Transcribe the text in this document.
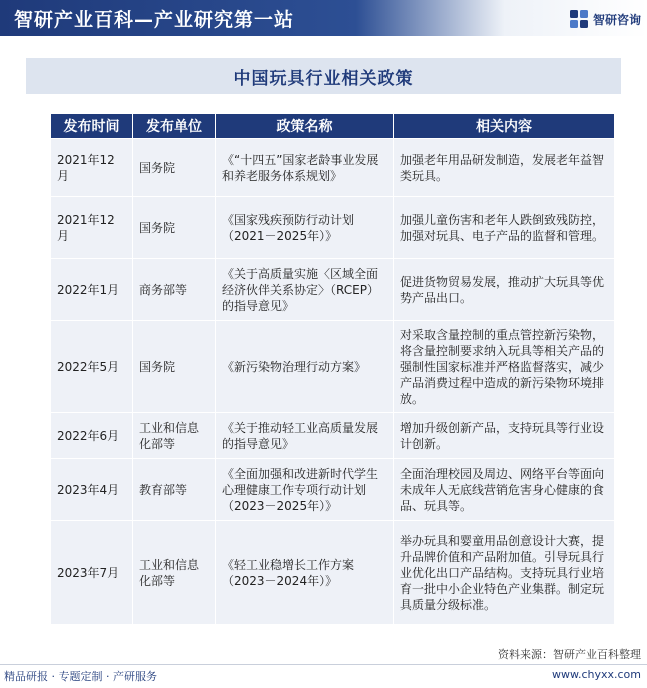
智研产业百科—产业研究第一站	智研咨询
中国玩具行业相关政策
发布时间	发布单位	政策名称	相关内容
2021年12月	国务院	《“十四五”国家老龄事业发展和养老服务体系规划》	加强老年用品研发制造，发展老年益智类玩具。
2021年12月	国务院	《国家残疾预防行动计划（2021－2025年）》	加强儿童伤害和老年人跌倒致残防控，加强对玩具、电子产品的监督和管理。
2022年1月	商务部等	《关于高质量实施〈区域全面经济伙伴关系协定〉（RCEP）的指导意见》	促进货物贸易发展，推动扩大玩具等优势产品出口。
2022年5月	国务院	《新污染物治理行动方案》	对采取含量控制的重点管控新污染物，将含量控制要求纳入玩具等相关产品的强制性国家标准并严格监督落实，减少产品消费过程中造成的新污染物环境排放。
2022年6月	工业和信息化部等	《关于推动轻工业高质量发展的指导意见》	增加升级创新产品，支持玩具等行业设计创新。
2023年4月	教育部等	《全面加强和改进新时代学生心理健康工作专项行动计划（2023－2025年）》	全面治理校园及周边、网络平台等面向未成年人无底线营销危害身心健康的食品、玩具等。
2023年7月	工业和信息化部等	《轻工业稳增长工作方案（2023－2024年）》	举办玩具和婴童用品创意设计大赛，提升品牌价值和产品附加值。引导玩具行业优化出口产品结构。支持玩具行业培育一批中小企业特色产业集群。制定玩具质量分级标准。
资料来源：智研产业百科整理
精品研报 · 专题定制 · 产研服务	www.chyxx.com
